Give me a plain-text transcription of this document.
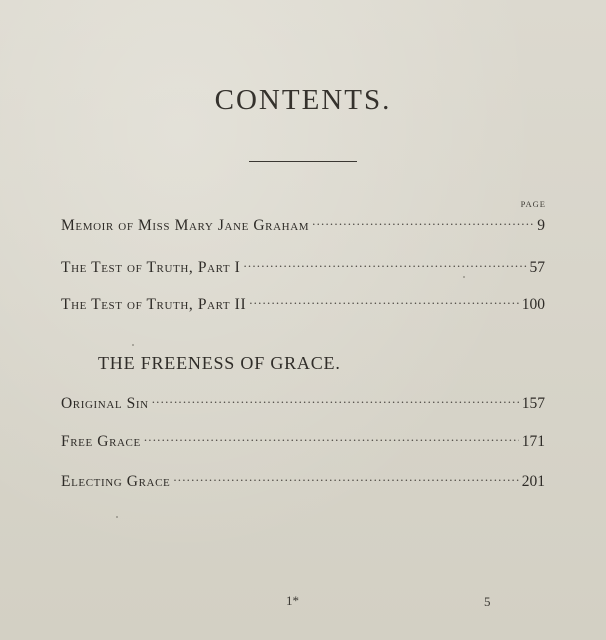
CONTENTS.
PAGE
Memoir of Miss Mary Jane Graham .....	9
The Test of Truth, Part I .....	57
The Test of Truth, Part II .....	100
THE FREENESS OF GRACE.
Original Sin .....	157
Free Grace .....	171
Electing Grace .....	201
1*	5
